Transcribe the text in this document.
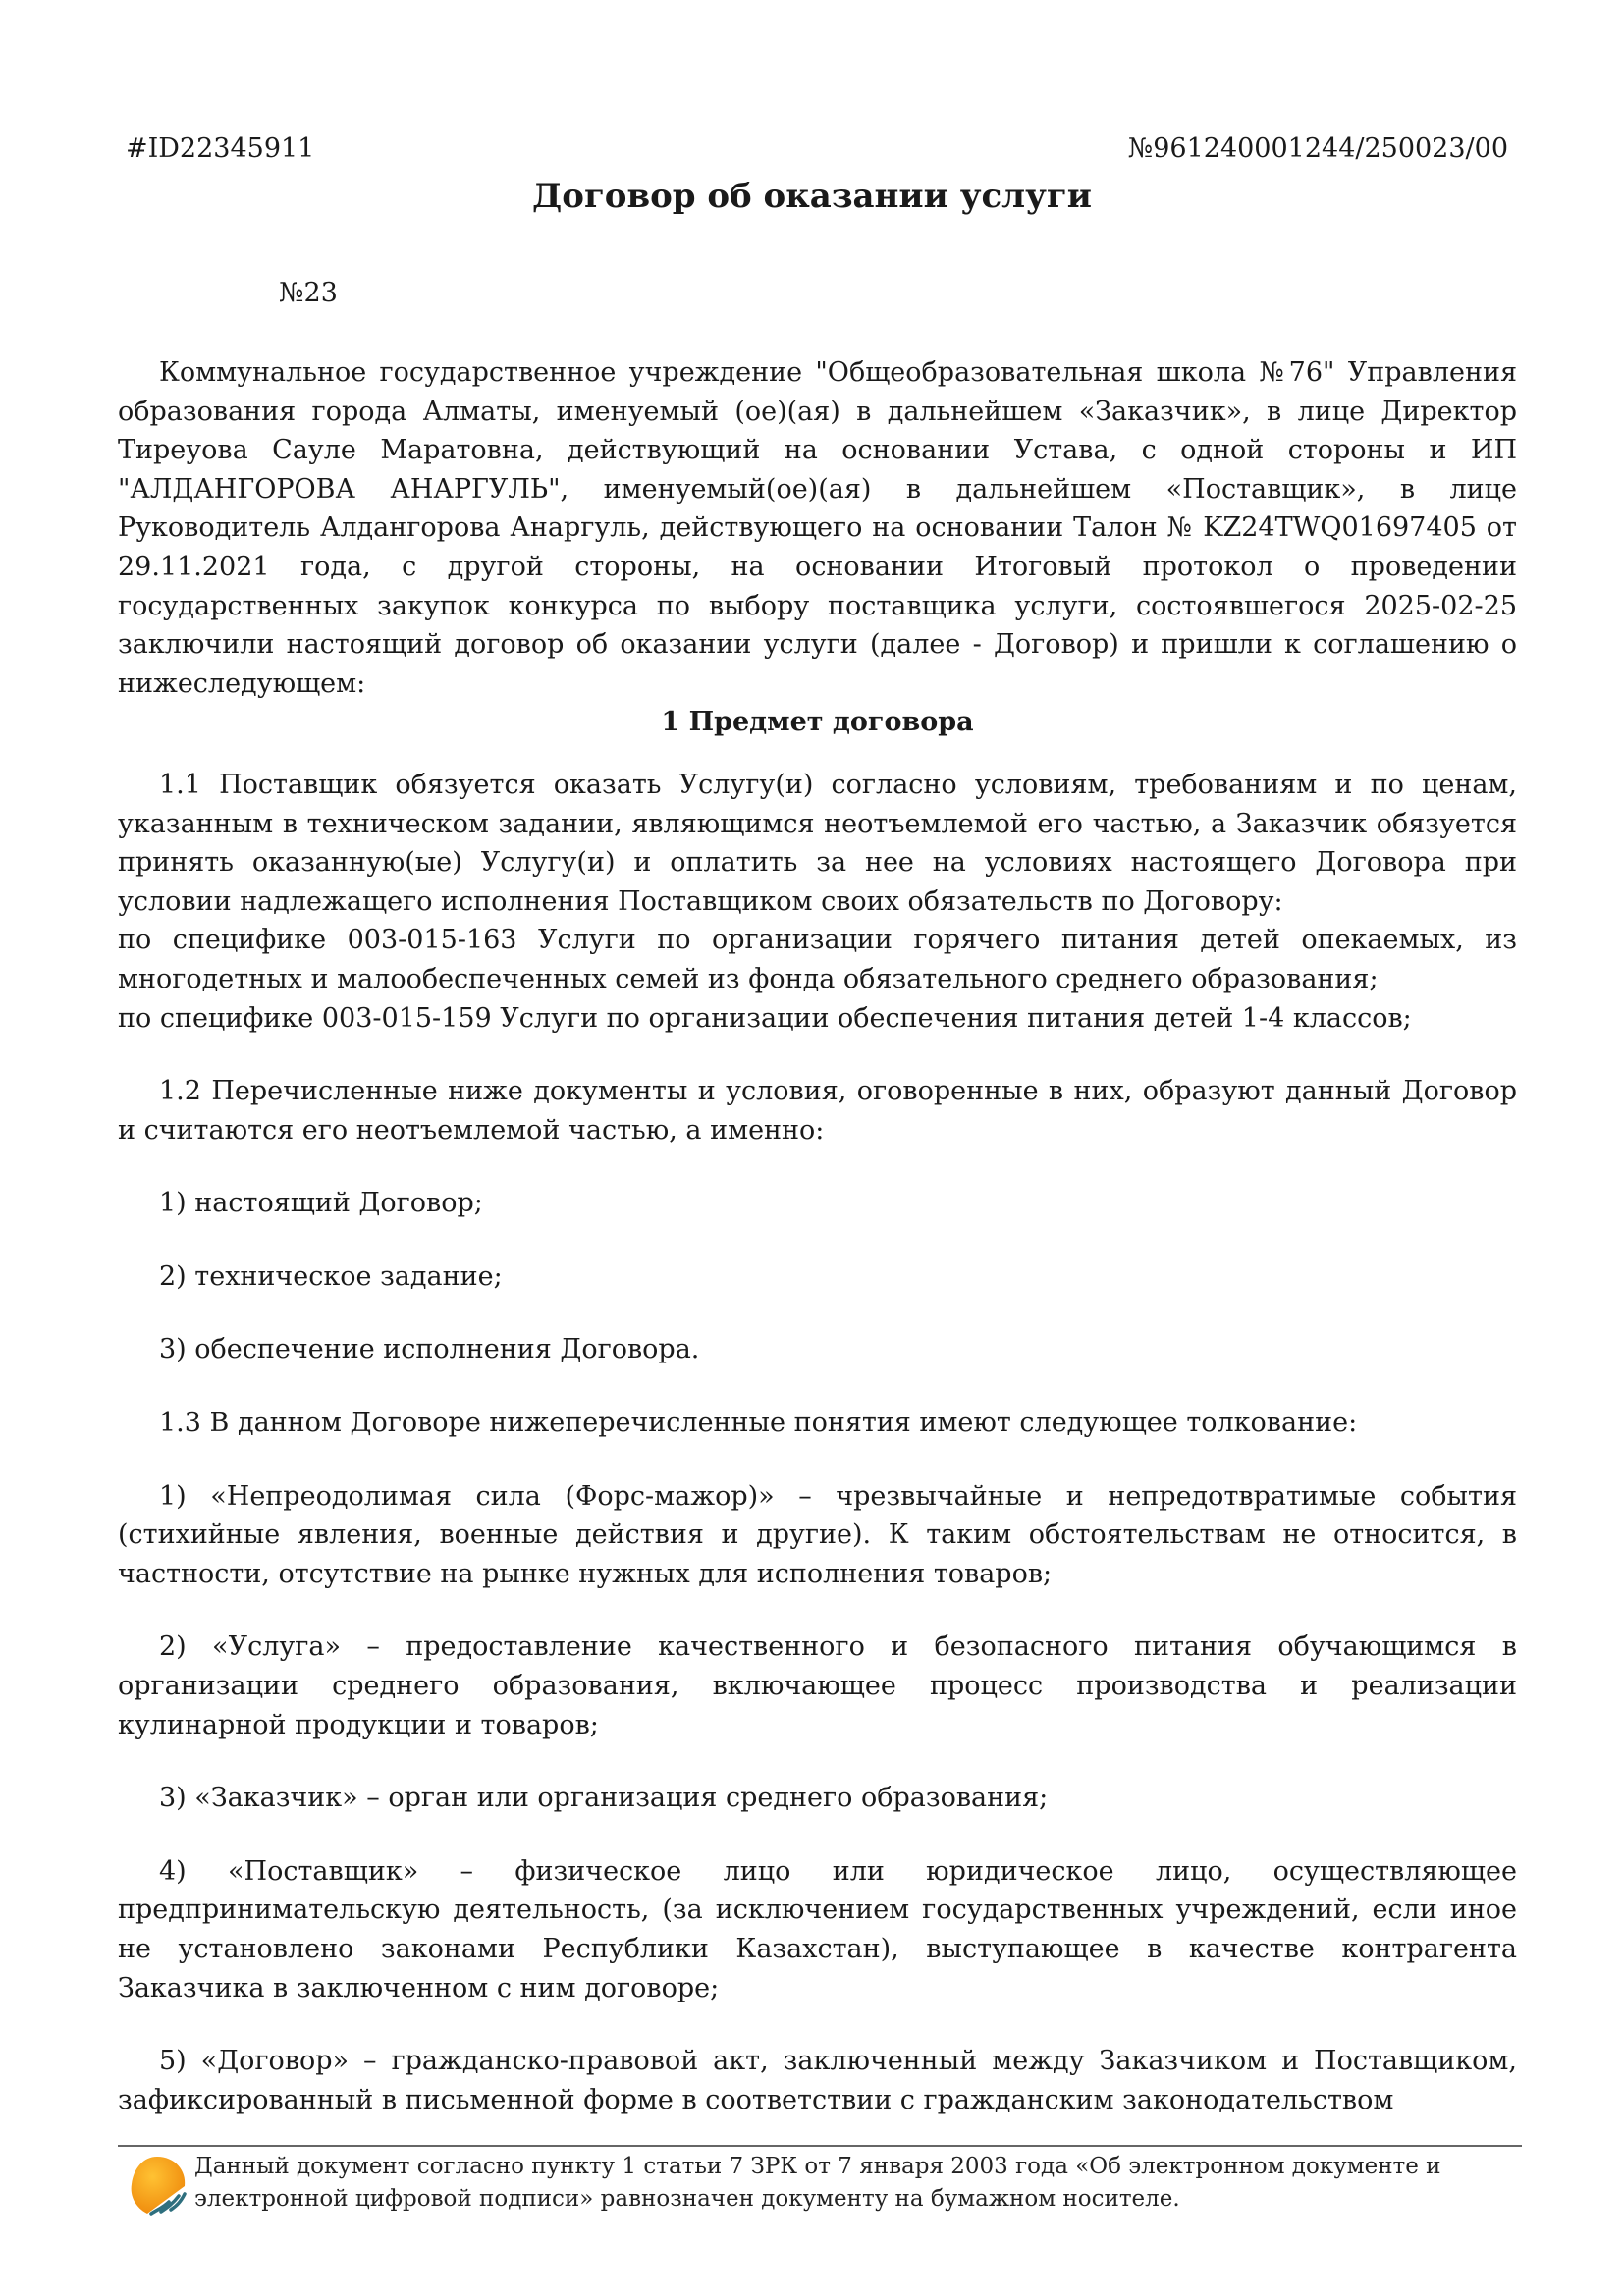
#ID22345911	№961240001244/250023/00
Договор об оказании услуги
№23

Коммунальное государственное учреждение "Общеобразовательная школа №76" Управления образования города Алматы, именуемый (ое)(ая) в дальнейшем «Заказчик», в лице Директор Тиреуова Сауле Маратовна, действующий на основании Устава, с одной стороны и ИП "АЛДАНГОРОВА АНАРГУЛЬ", именуемый(ое)(ая) в дальнейшем «Поставщик», в лице Руководитель Алдангорова Анаргуль, действующего на основании Талон № KZ24TWQ01697405 от 29.11.2021 года, с другой стороны, на основании Итоговый протокол о проведении государственных закупок конкурса по выбору поставщика услуги, состоявшегося 2025-02-25 заключили настоящий договор об оказании услуги (далее - Договор) и пришли к соглашению о нижеследующем:

1 Предмет договора

1.1 Поставщик обязуется оказать Услугу(и) согласно условиям, требованиям и по ценам, указанным в техническом задании, являющимся неотъемлемой его частью, а Заказчик обязуется принять оказанную(ые) Услугу(и) и оплатить за нее на условиях настоящего Договора при условии надлежащего исполнения Поставщиком своих обязательств по Договору:

по специфике 003-015-163 Услуги по организации горячего питания детей опекаемых, из многодетных и малообеспеченных семей из фонда обязательного среднего образования;

по специфике 003-015-159 Услуги по организации обеспечения питания детей 1-4 классов;

1.2 Перечисленные ниже документы и условия, оговоренные в них, образуют данный Договор и считаются его неотъемлемой частью, а именно:

1) настоящий Договор;

2) техническое задание;

3) обеспечение исполнения Договора.

1.3 В данном Договоре нижеперечисленные понятия имеют следующее толкование:

1) «Непреодолимая сила (Форс-мажор)» – чрезвычайные и непредотвратимые события (стихийные явления, военные действия и другие). К таким обстоятельствам не относится, в частности, отсутствие на рынке нужных для исполнения товаров;

2) «Услуга» – предоставление качественного и безопасного питания обучающимся в организации среднего образования, включающее процесс производства и реализации кулинарной продукции и товаров;

3) «Заказчик» – орган или организация среднего образования;

4) «Поставщик» – физическое лицо или юридическое лицо, осуществляющее предпринимательскую деятельность, (за исключением государственных учреждений, если иное не установлено законами Республики Казахстан), выступающее в качестве контрагента Заказчика в заключенном с ним договоре;

5) «Договор» – гражданско-правовой акт, заключенный между Заказчиком и Поставщиком, зафиксированный в письменной форме в соответствии с гражданским законодательством

Данный документ согласно пункту 1 статьи 7 ЗРК от 7 января 2003 года «Об электронном документе и электронной цифровой подписи» равнозначен документу на бумажном носителе.
